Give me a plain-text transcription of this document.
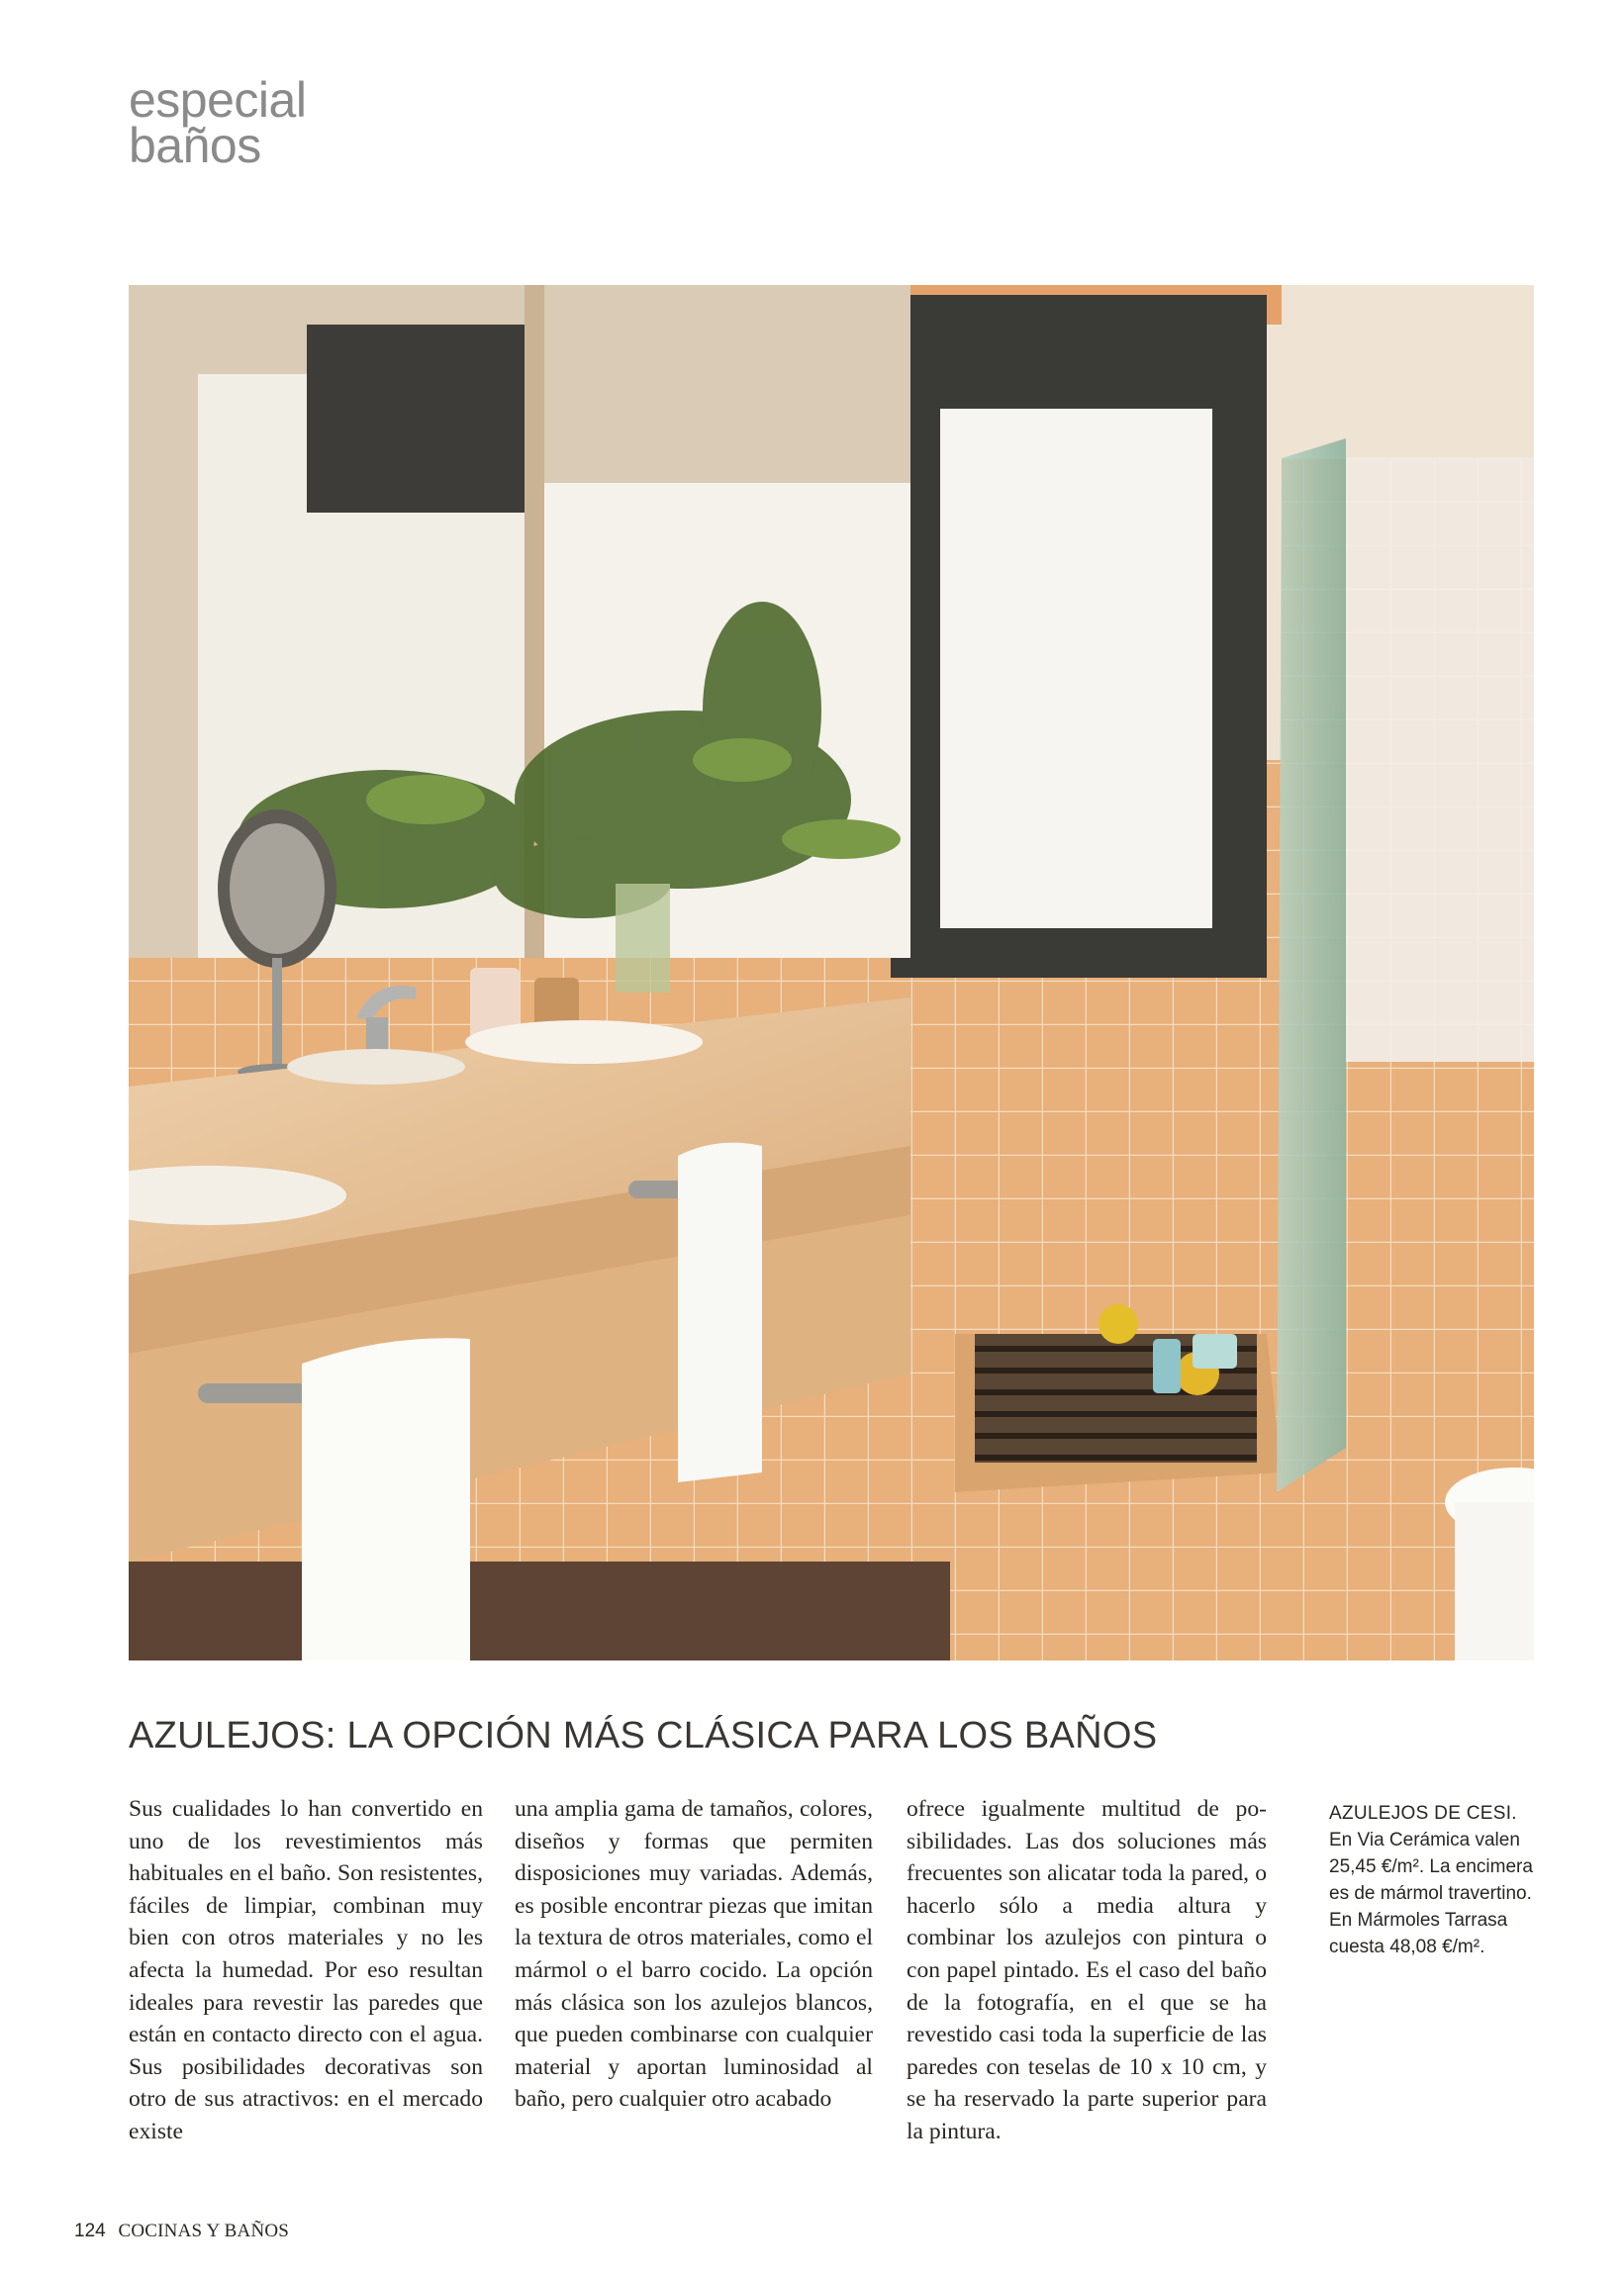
especial
baños
AZULEJOS: LA OPCIÓN MÁS CLÁSICA PARA LOS BAÑOS
Sus cualidades lo han convertido en uno de los revestimientos más habituales en el baño. Son resistentes, fáciles de limpiar, combinan muy bien con otros materiales y no les afecta la humedad. Por eso resultan ideales para revestir las paredes que están en contacto directo con el agua. Sus posibilidades decorativas son otro de sus atractivos: en el mercado existe
una amplia gama de tamaños, colores, diseños y formas que permiten disposiciones muy variadas. Además, es posible encontrar piezas que imitan la textura de otros materiales, como el mármol o el barro cocido. La opción más clásica son los azulejos blancos, que pueden combinarse con cualquier material y aportan luminosidad al baño, pero cualquier otro acabado
ofrece igualmente multitud de posibilidades. Las dos soluciones más frecuentes son alicatar toda la pared, o hacerlo sólo a media altura y combinar los azulejos con pintura o con papel pintado. Es el caso del baño de la fotografía, en el que se ha revestido casi toda la superficie de las paredes con teselas de 10 x 10 cm, y se ha reservado la parte superior para la pintura.
AZULEJOS DE CESI.
En Via Cerámica valen 25,45 €/m². La encimera es de mármol travertino. En Mármoles Tarrasa cuesta 48,08 €/m².
124 COCINAS Y BAÑOS
